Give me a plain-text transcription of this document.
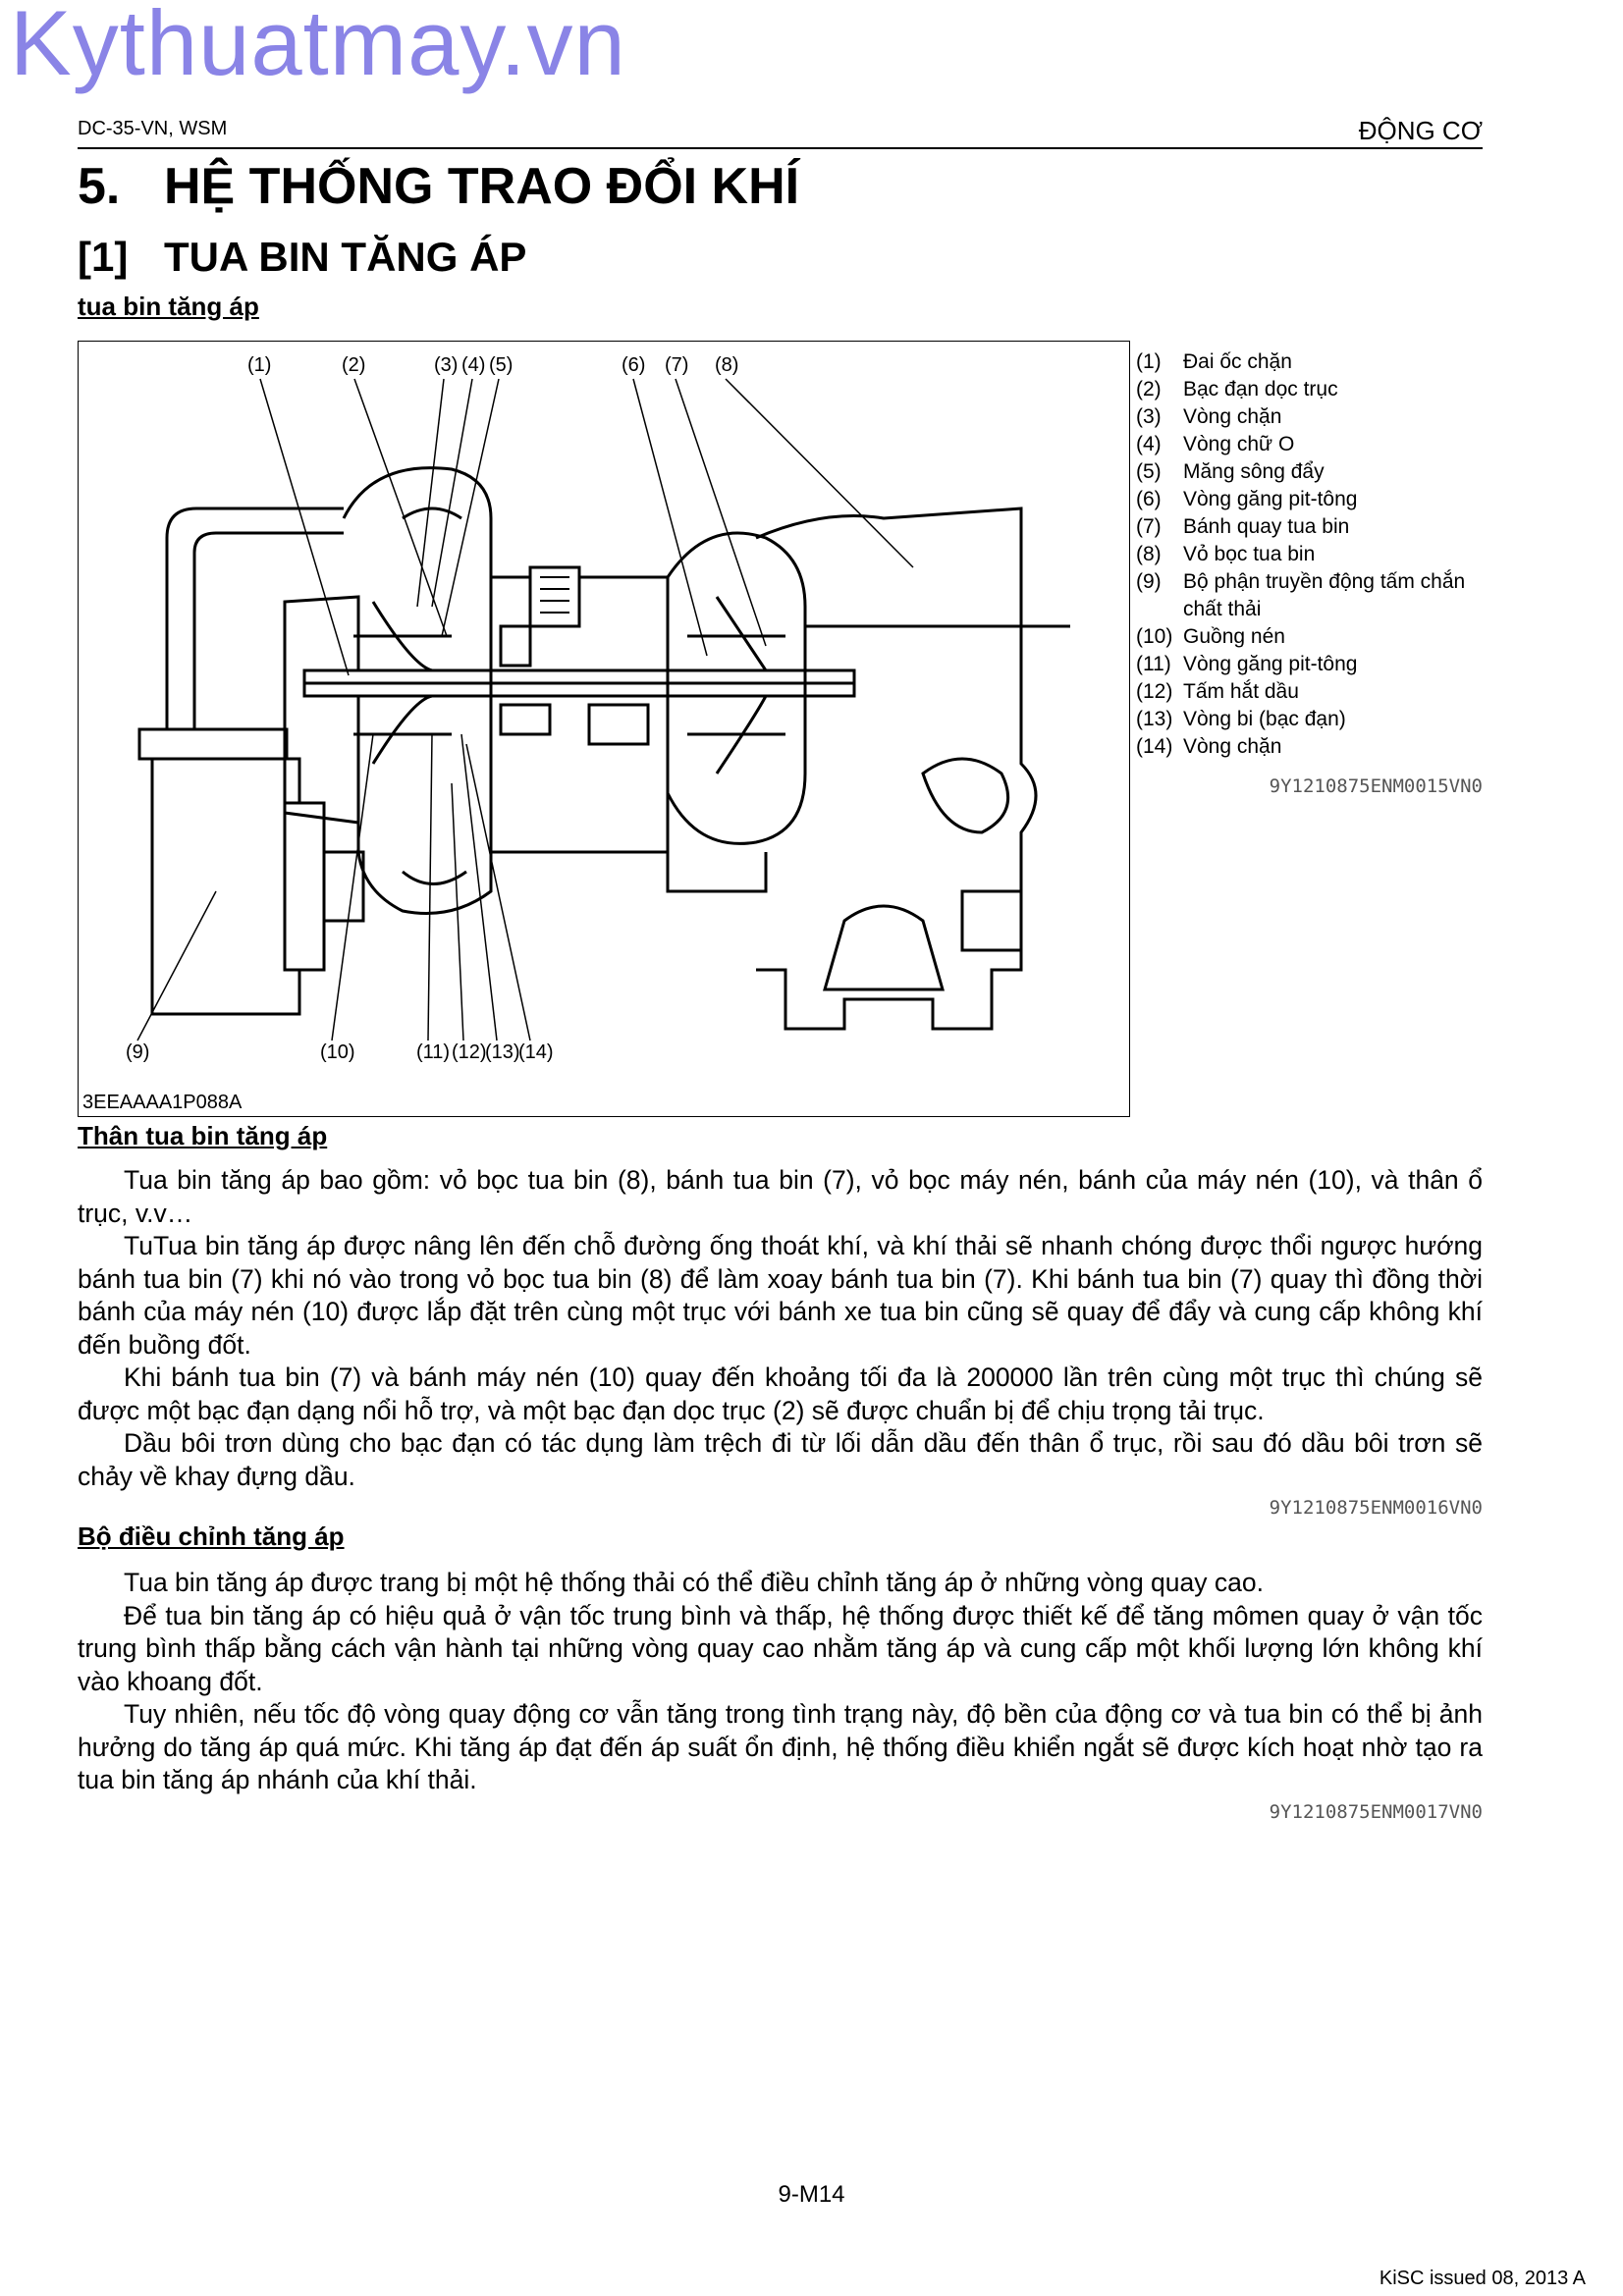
Kythuatmay.vn
DC-35-VN, WSM	ĐỘNG CƠ
5. HỆ THỐNG TRAO ĐỔI KHÍ
[1] TUA BIN TĂNG ÁP
tua bin tăng áp
(1)	(2)	(3) (4) (5)	(6) (7) (8)
(9)	(10)	(11) (12)
(13)
(14)
3EEAAAA1P088A
(1)	Đai ốc chặn
(2)	Bạc đạn dọc trục
(3)	Vòng chặn
(4)	Vòng chữ O
(5)	Măng sông đẩy
(6)	Vòng găng pit-tông
(7)	Bánh quay tua bin
(8)	Vỏ bọc tua bin
(9)	Bộ phận truyền động tấm chắn chất thải
(10) Guồng nén
(11) Vòng găng pit-tông
(12) Tấm hắt dầu
(13) Vòng bi (bạc đạn)
(14) Vòng chặn
9Y1210875ENM0015VN0
Thân tua bin tăng áp

Tua bin tăng áp bao gồm: vỏ bọc tua bin (8), bánh tua bin (7), vỏ bọc máy nén, bánh của máy nén (10), và thân ổ trục, v.v…

TuTua bin tăng áp được nâng lên đến chỗ đường ống thoát khí, và khí thải sẽ nhanh chóng được thổi ngược hướng bánh tua bin (7) khi nó vào trong vỏ bọc tua bin (8) để làm xoay bánh tua bin (7). Khi bánh tua bin (7) quay thì đồng thời bánh của máy nén (10) được lắp đặt trên cùng một trục với bánh xe tua bin cũng sẽ quay để đẩy và cung cấp không khí đến buồng đốt.

Khi bánh tua bin (7) và bánh máy nén (10) quay đến khoảng tối đa là 200000 lần trên cùng một trục thì chúng sẽ được một bạc đạn dạng nổi hỗ trợ, và một bạc đạn dọc trục (2) sẽ được chuẩn bị để chịu trọng tải trục.

Dầu bôi trơn dùng cho bạc đạn có tác dụng làm trệch đi từ lối dẫn dầu đến thân ổ trục, rồi sau đó dầu bôi trơn sẽ chảy về khay đựng dầu.

9Y1210875ENM0016VN0
Bộ điều chỉnh tăng áp

Tua bin tăng áp được trang bị một hệ thống thải có thể điều chỉnh tăng áp ở những vòng quay cao.

Để tua bin tăng áp có hiệu quả ở vận tốc trung bình và thấp, hệ thống được thiết kế để tăng mômen quay ở vận tốc trung bình thấp bằng cách vận hành tại những vòng quay cao nhằm tăng áp và cung cấp một khối lượng lớn không khí vào khoang đốt.

Tuy nhiên, nếu tốc độ vòng quay động cơ vẫn tăng trong tình trạng này, độ bền của động cơ và tua bin có thể bị ảnh hưởng do tăng áp quá mức. Khi tăng áp đạt đến áp suất ổn định, hệ thống điều khiển ngắt sẽ được kích hoạt nhờ tạo ra tua bin tăng áp nhánh của khí thải.

9Y1210875ENM0017VN0
9-M14
KiSC issued 08, 2013 A
